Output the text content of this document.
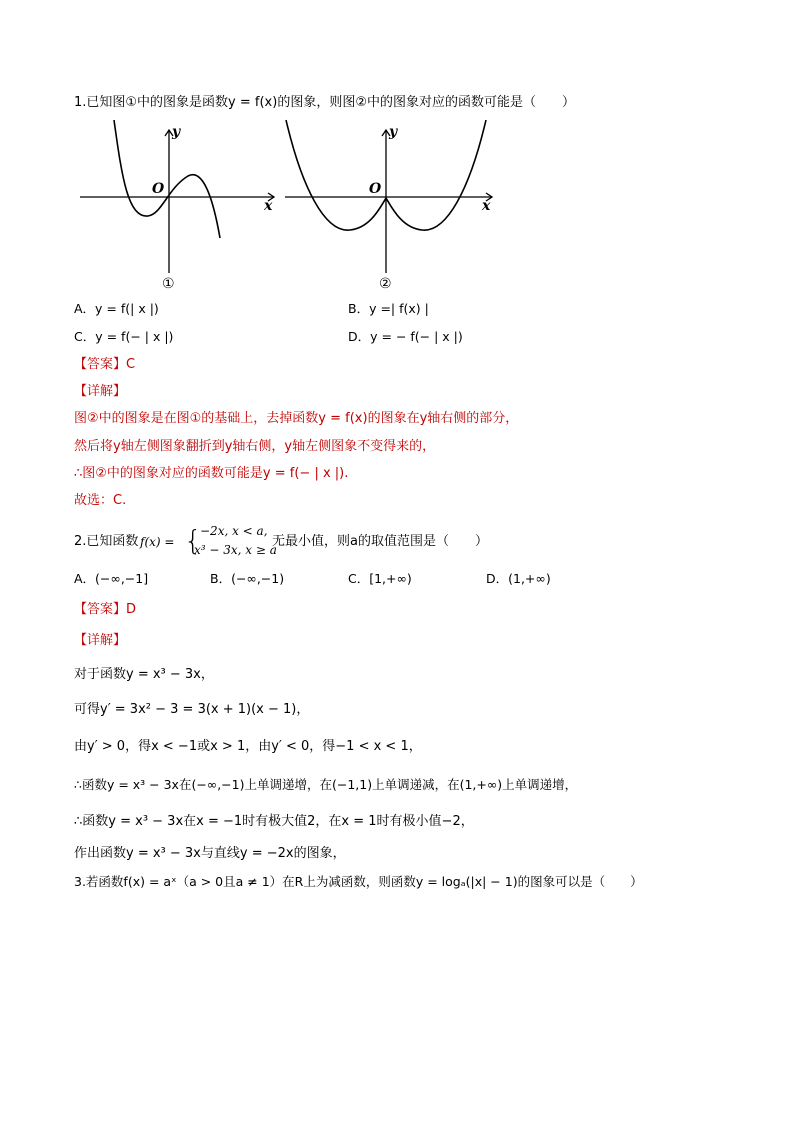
1.已知图①中的图象是函数y = f(x)的图象，则图②中的图象对应的函数可能是（　　）
y
x
O
①
y
x
O
②
A．y = f(| x |)	B．y =| f(x) |
C．y = f(− | x |)	D．y = − f(− | x |)
【答案】C
【详解】
图②中的图象是在图①的基础上，去掉函数y = f(x)的图象在y轴右侧的部分，
然后将y轴左侧图象翻折到y轴右侧，y轴左侧图象不变得来的，
∴图②中的图象对应的函数可能是y = f(− | x |).
故选：C.
2.已知函数 f(x) = {
−2x, x < a,
x³ − 3x, x ≥ a
无最小值，则a的取值范围是（　　）
A．(−∞,−1]	B．(−∞,−1)	C．[1,+∞)	D．(1,+∞)
【答案】D
【详解】
对于函数y = x³ − 3x，
可得y′ = 3x² − 3 = 3(x + 1)(x − 1)，
由y′ > 0，得x < −1或x > 1，由y′ < 0，得−1 < x < 1，
∴函数y = x³ − 3x在(−∞,−1)上单调递增，在(−1,1)上单调递减，在(1,+∞)上单调递增，
∴函数y = x³ − 3x在x = −1时有极大值2，在x = 1时有极小值−2，
作出函数y = x³ − 3x与直线y = −2x的图象，
3.若函数f(x) = aˣ（a > 0且a ≠ 1）在R上为减函数，则函数y = logₐ(|x| − 1)的图象可以是（　　）
